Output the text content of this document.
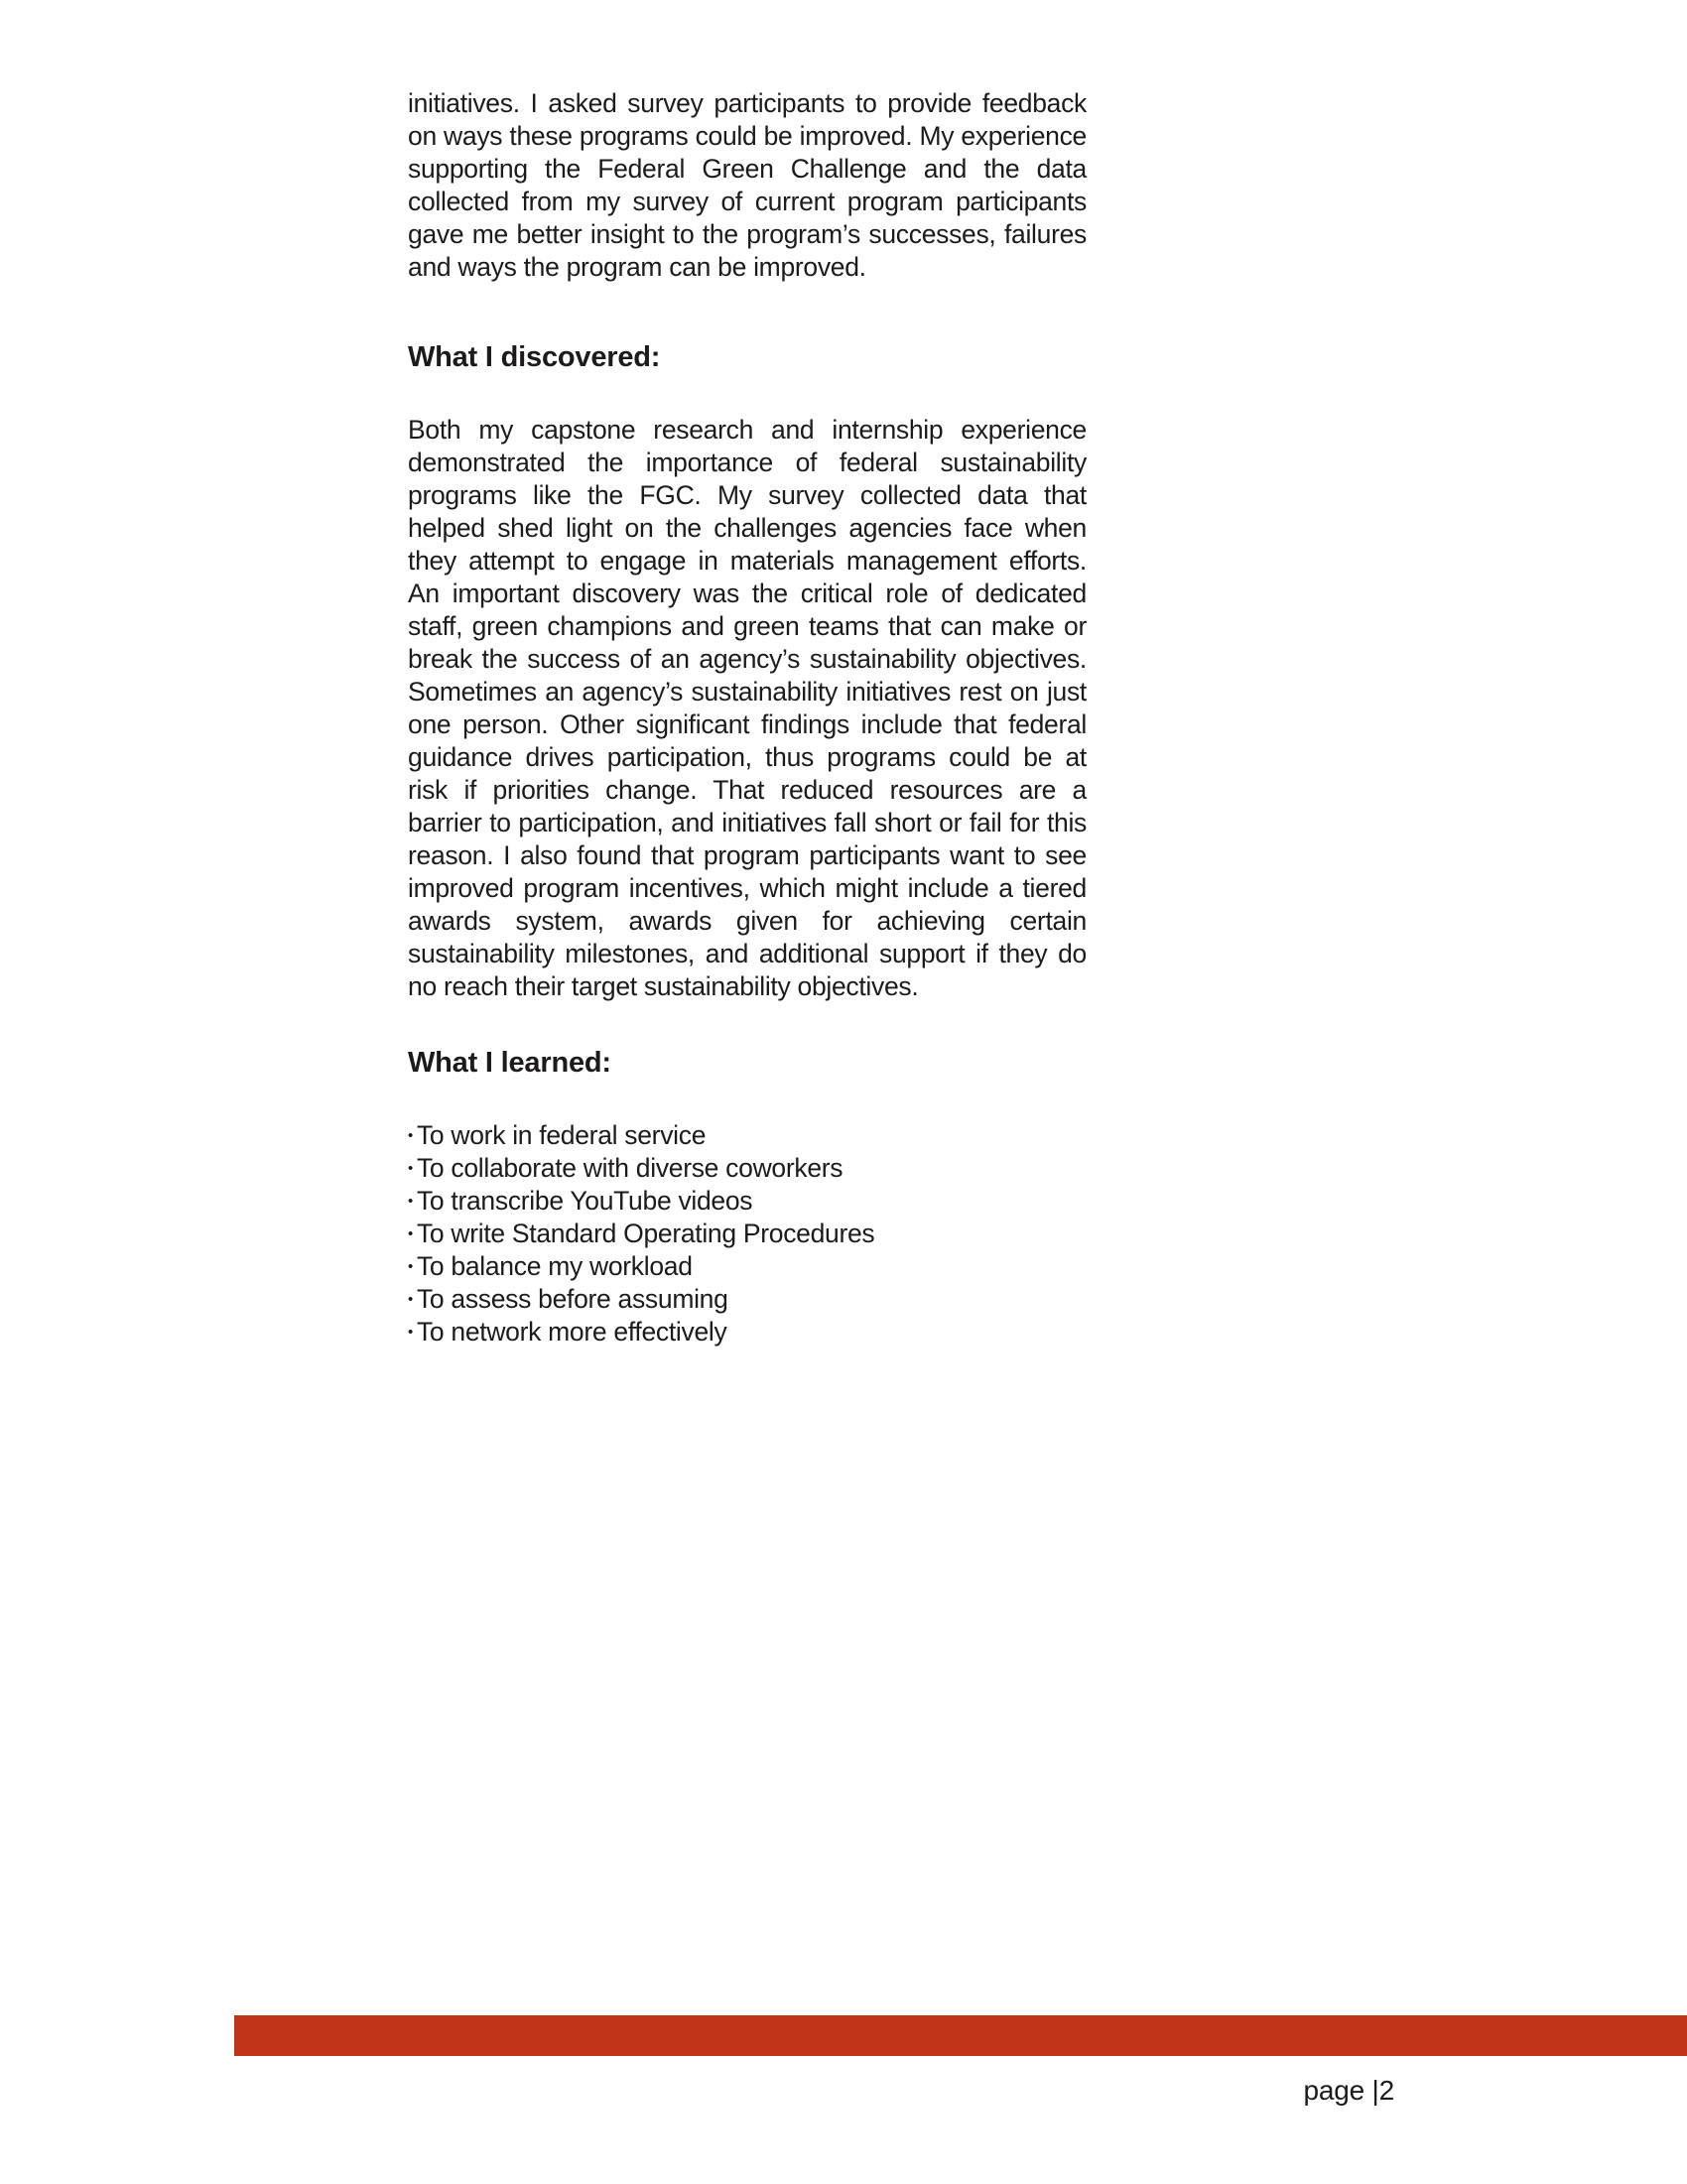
initiatives. I asked survey participants to provide feedback on ways these programs could be improved. My experience supporting the Federal Green Challenge and the data collected from my survey of current program participants gave me better insight to the program’s successes, failures and ways the program can be improved.

What I discovered:

Both my capstone research and internship experience demonstrated the importance of federal sustainability programs like the FGC. My survey collected data that helped shed light on the challenges agencies face when they attempt to engage in materials management efforts. An important discovery was the critical role of dedicated staff, green champions and green teams that can make or break the success of an agency’s sustainability objectives. Sometimes an agency’s sustainability initiatives rest on just one person. Other significant findings include that federal guidance drives participation, thus programs could be at risk if priorities change. That reduced resources are a barrier to participation, and initiatives fall short or fail for this reason. I also found that program participants want to see improved program incentives, which might include a tiered awards system, awards given for achieving certain sustainability milestones, and additional support if they do no reach their target sustainability objectives.

What I learned:
• To work in federal service
• To collaborate with diverse coworkers
• To transcribe YouTube videos
• To write Standard Operating Procedures
• To balance my workload
• To assess before assuming
• To network more effectively
page |2
